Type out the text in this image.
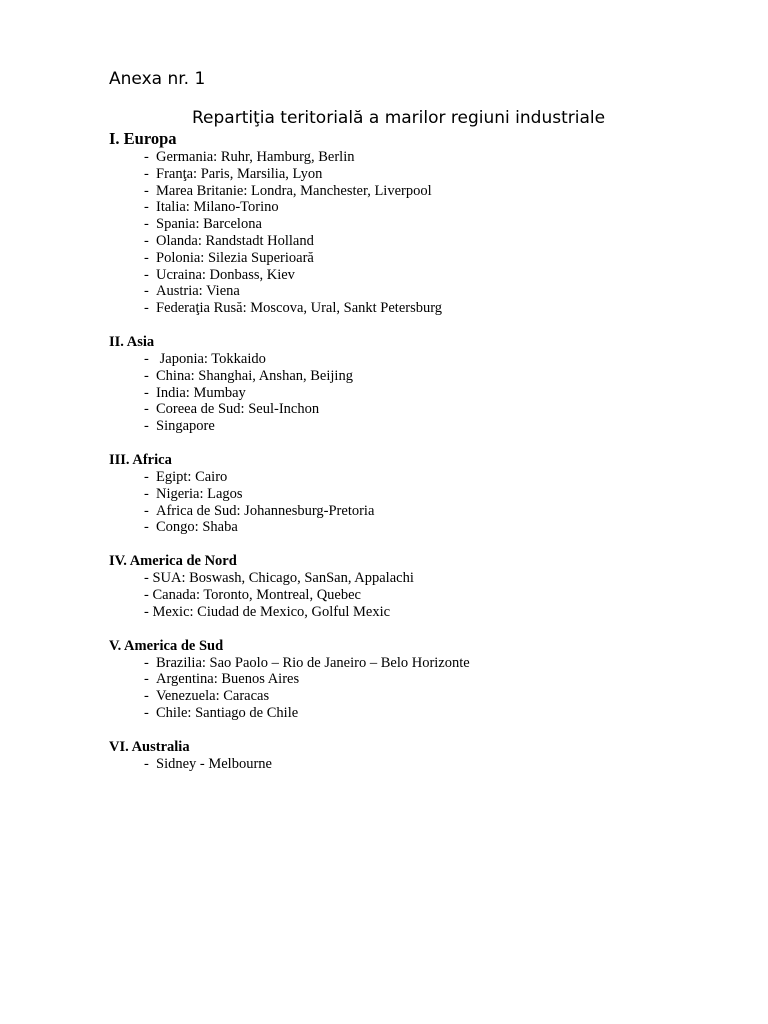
Anexa nr. 1
Repartiţia teritorială a marilor regiuni industriale
I. Europa
- Germania: Ruhr, Hamburg, Berlin
- Franţa: Paris, Marsilia, Lyon
- Marea Britanie: Londra, Manchester, Liverpool
- Italia: Milano-Torino
- Spania: Barcelona
- Olanda: Randstadt Holland
- Polonia: Silezia Superioară
- Ucraina: Donbass, Kiev
- Austria: Viena
- Federaţia Rusă: Moscova, Ural, Sankt Petersburg
II. Asia
- Japonia: Tokkaido
- China: Shanghai, Anshan, Beijing
- India: Mumbay
- Coreea de Sud: Seul-Inchon
- Singapore
III. Africa
- Egipt: Cairo
- Nigeria: Lagos
- Africa de Sud: Johannesburg-Pretoria
- Congo: Shaba
IV. America de Nord
- SUA: Boswash, Chicago, SanSan, Appalachi
- Canada: Toronto, Montreal, Quebec
- Mexic: Ciudad de Mexico, Golful Mexic
V. America de Sud
- Brazilia: Sao Paolo – Rio de Janeiro – Belo Horizonte
- Argentina: Buenos Aires
- Venezuela: Caracas
- Chile: Santiago de Chile
VI. Australia
- Sidney - Melbourne
